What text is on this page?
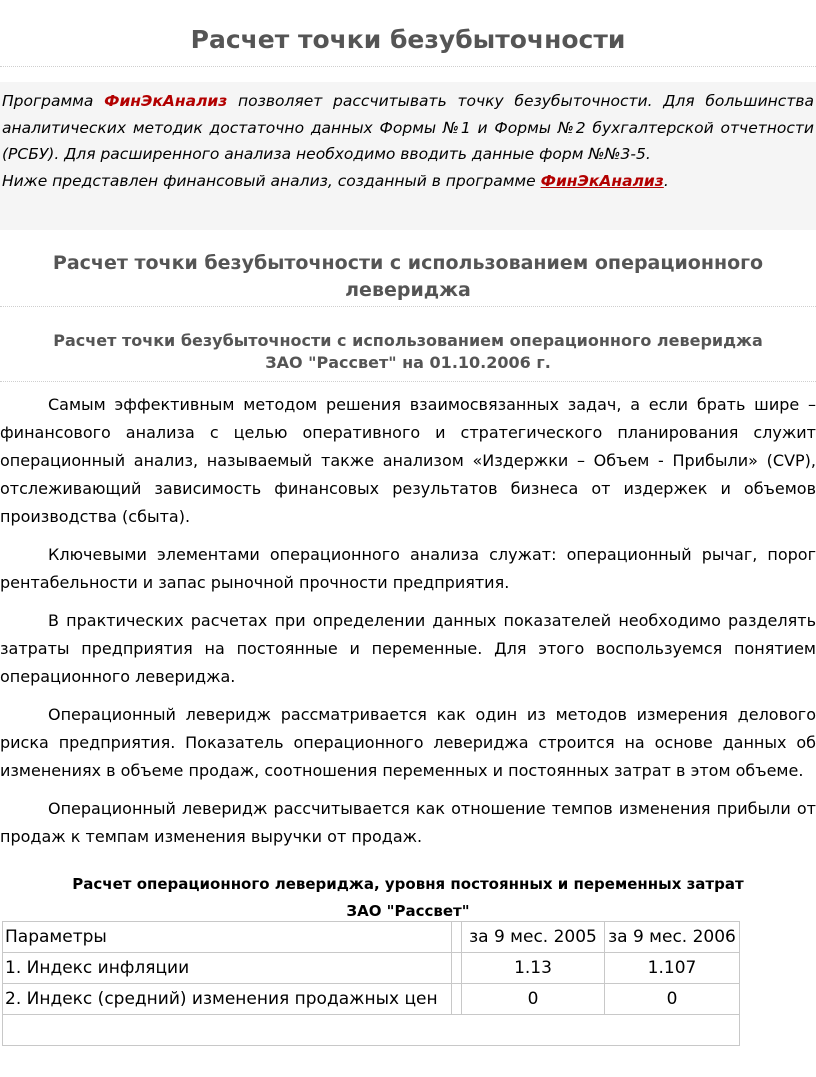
Расчет точки безубыточности

Программа ФинЭкАнализ позволяет рассчитывать точку безубыточности. Для большинства аналитических методик достаточно данных Формы №1 и Формы №2 бухгалтерской отчетности (РСБУ). Для расширенного анализа необходимо вводить данные форм №№3-5.

Ниже представлен финансовый анализ, созданный в программе ФинЭкАнализ.

Расчет точки безубыточности с использованием операционного левериджа
Расчет точки безубыточности с использованием операционного левериджа
ЗАО "Рассвет" на 01.10.2006 г.

Самым эффективным методом решения взаимосвязанных задач, а если брать шире – финансового анализа с целью оперативного и стратегического планирования служит операционный анализ, называемый также анализом «Издержки – Объем - Прибыли» (CVP), отслеживающий зависимость финансовых результатов бизнеса от издержек и объемов производства (сбыта).

Ключевыми элементами операционного анализа служат: операционный рычаг, порог рентабельности и запас рыночной прочности предприятия.

В практических расчетах при определении данных показателей необходимо разделять затраты предприятия на постоянные и переменные. Для этого воспользуемся понятием операционного левериджа.

Операционный леверидж рассматривается как один из методов измерения делового риска предприятия. Показатель операционного левериджа строится на основе данных об изменениях в объеме продаж, соотношения переменных и постоянных затрат в этом объеме.

Операционный леверидж рассчитывается как отношение темпов изменения прибыли от продаж к темпам изменения выручки от продаж.

Расчет операционного левериджа, уровня постоянных и переменных затрат ЗАО "Рассвет"
Параметры		за 9 мес. 2005	за 9 мес. 2006
1. Индекс инфляции		1.13	1.107
2. Индекс (средний) изменения продажных цен		0	0
